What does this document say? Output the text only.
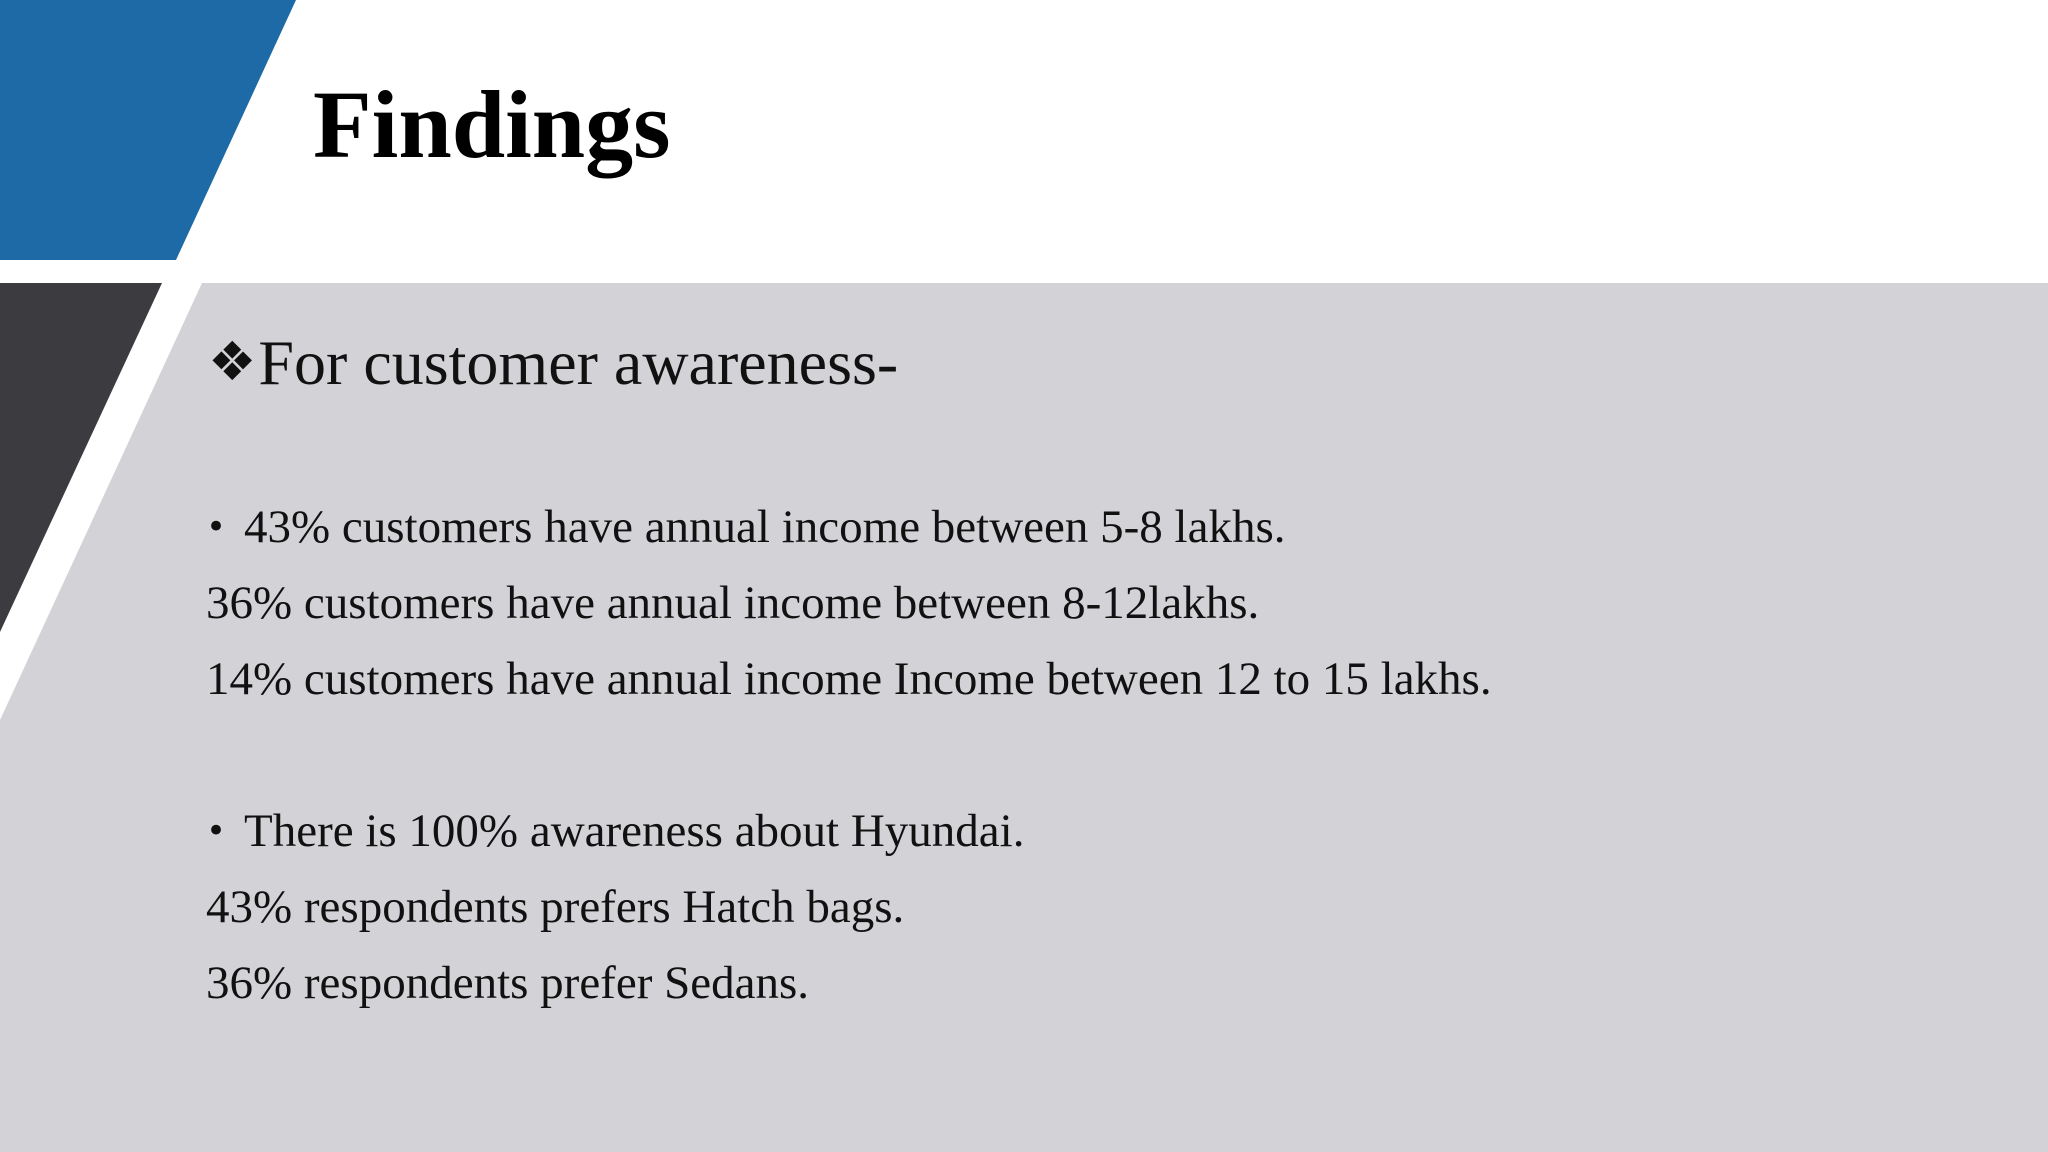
Findings
❖For customer awareness-
• 43% customers have annual income between 5-8 lakhs.
36% customers have annual income between 8-12lakhs.
14% customers have annual income Income between 12 to 15 lakhs.
• There is 100% awareness about Hyundai.
43% respondents prefers Hatch bags.
36% respondents prefer Sedans.
